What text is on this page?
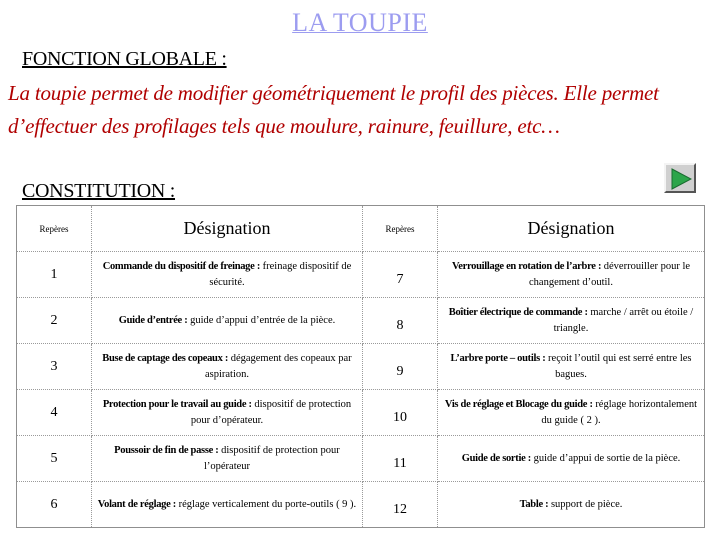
LA TOUPIE
FONCTION GLOBALE :
La toupie permet de modifier géométriquement le profil des pièces. Elle permet d’effectuer des profilages tels que moulure, rainure, feuillure, etc…
CONSTITUTION :
Repères	Désignation	Repères	Désignation
1	Commande du dispositif de freinage : freinage dispositif de sécurité.	7	Verrouillage en rotation de l’arbre : déverrouiller pour le changement d’outil.
2	Guide d’entrée : guide d’appui d’entrée de la pièce.	8	Boîtier électrique de commande : marche / arrêt ou étoile / triangle.
3	Buse de captage des copeaux : dégagement des copeaux par aspiration.	9	L’arbre porte – outils : reçoit l’outil qui est serré entre les bagues.
4	Protection pour le travail au guide : dispositif de protection pour d’opérateur.	10	Vis de réglage et Blocage du guide : réglage horizontalement du guide ( 2 ).
5	Poussoir de fin de passe : dispositif de protection pour l’opérateur	11	Guide de sortie : guide d’appui de sortie de la pièce.
6	Volant de réglage : réglage verticalement du porte-outils ( 9 ).	12	Table : support de pièce.
